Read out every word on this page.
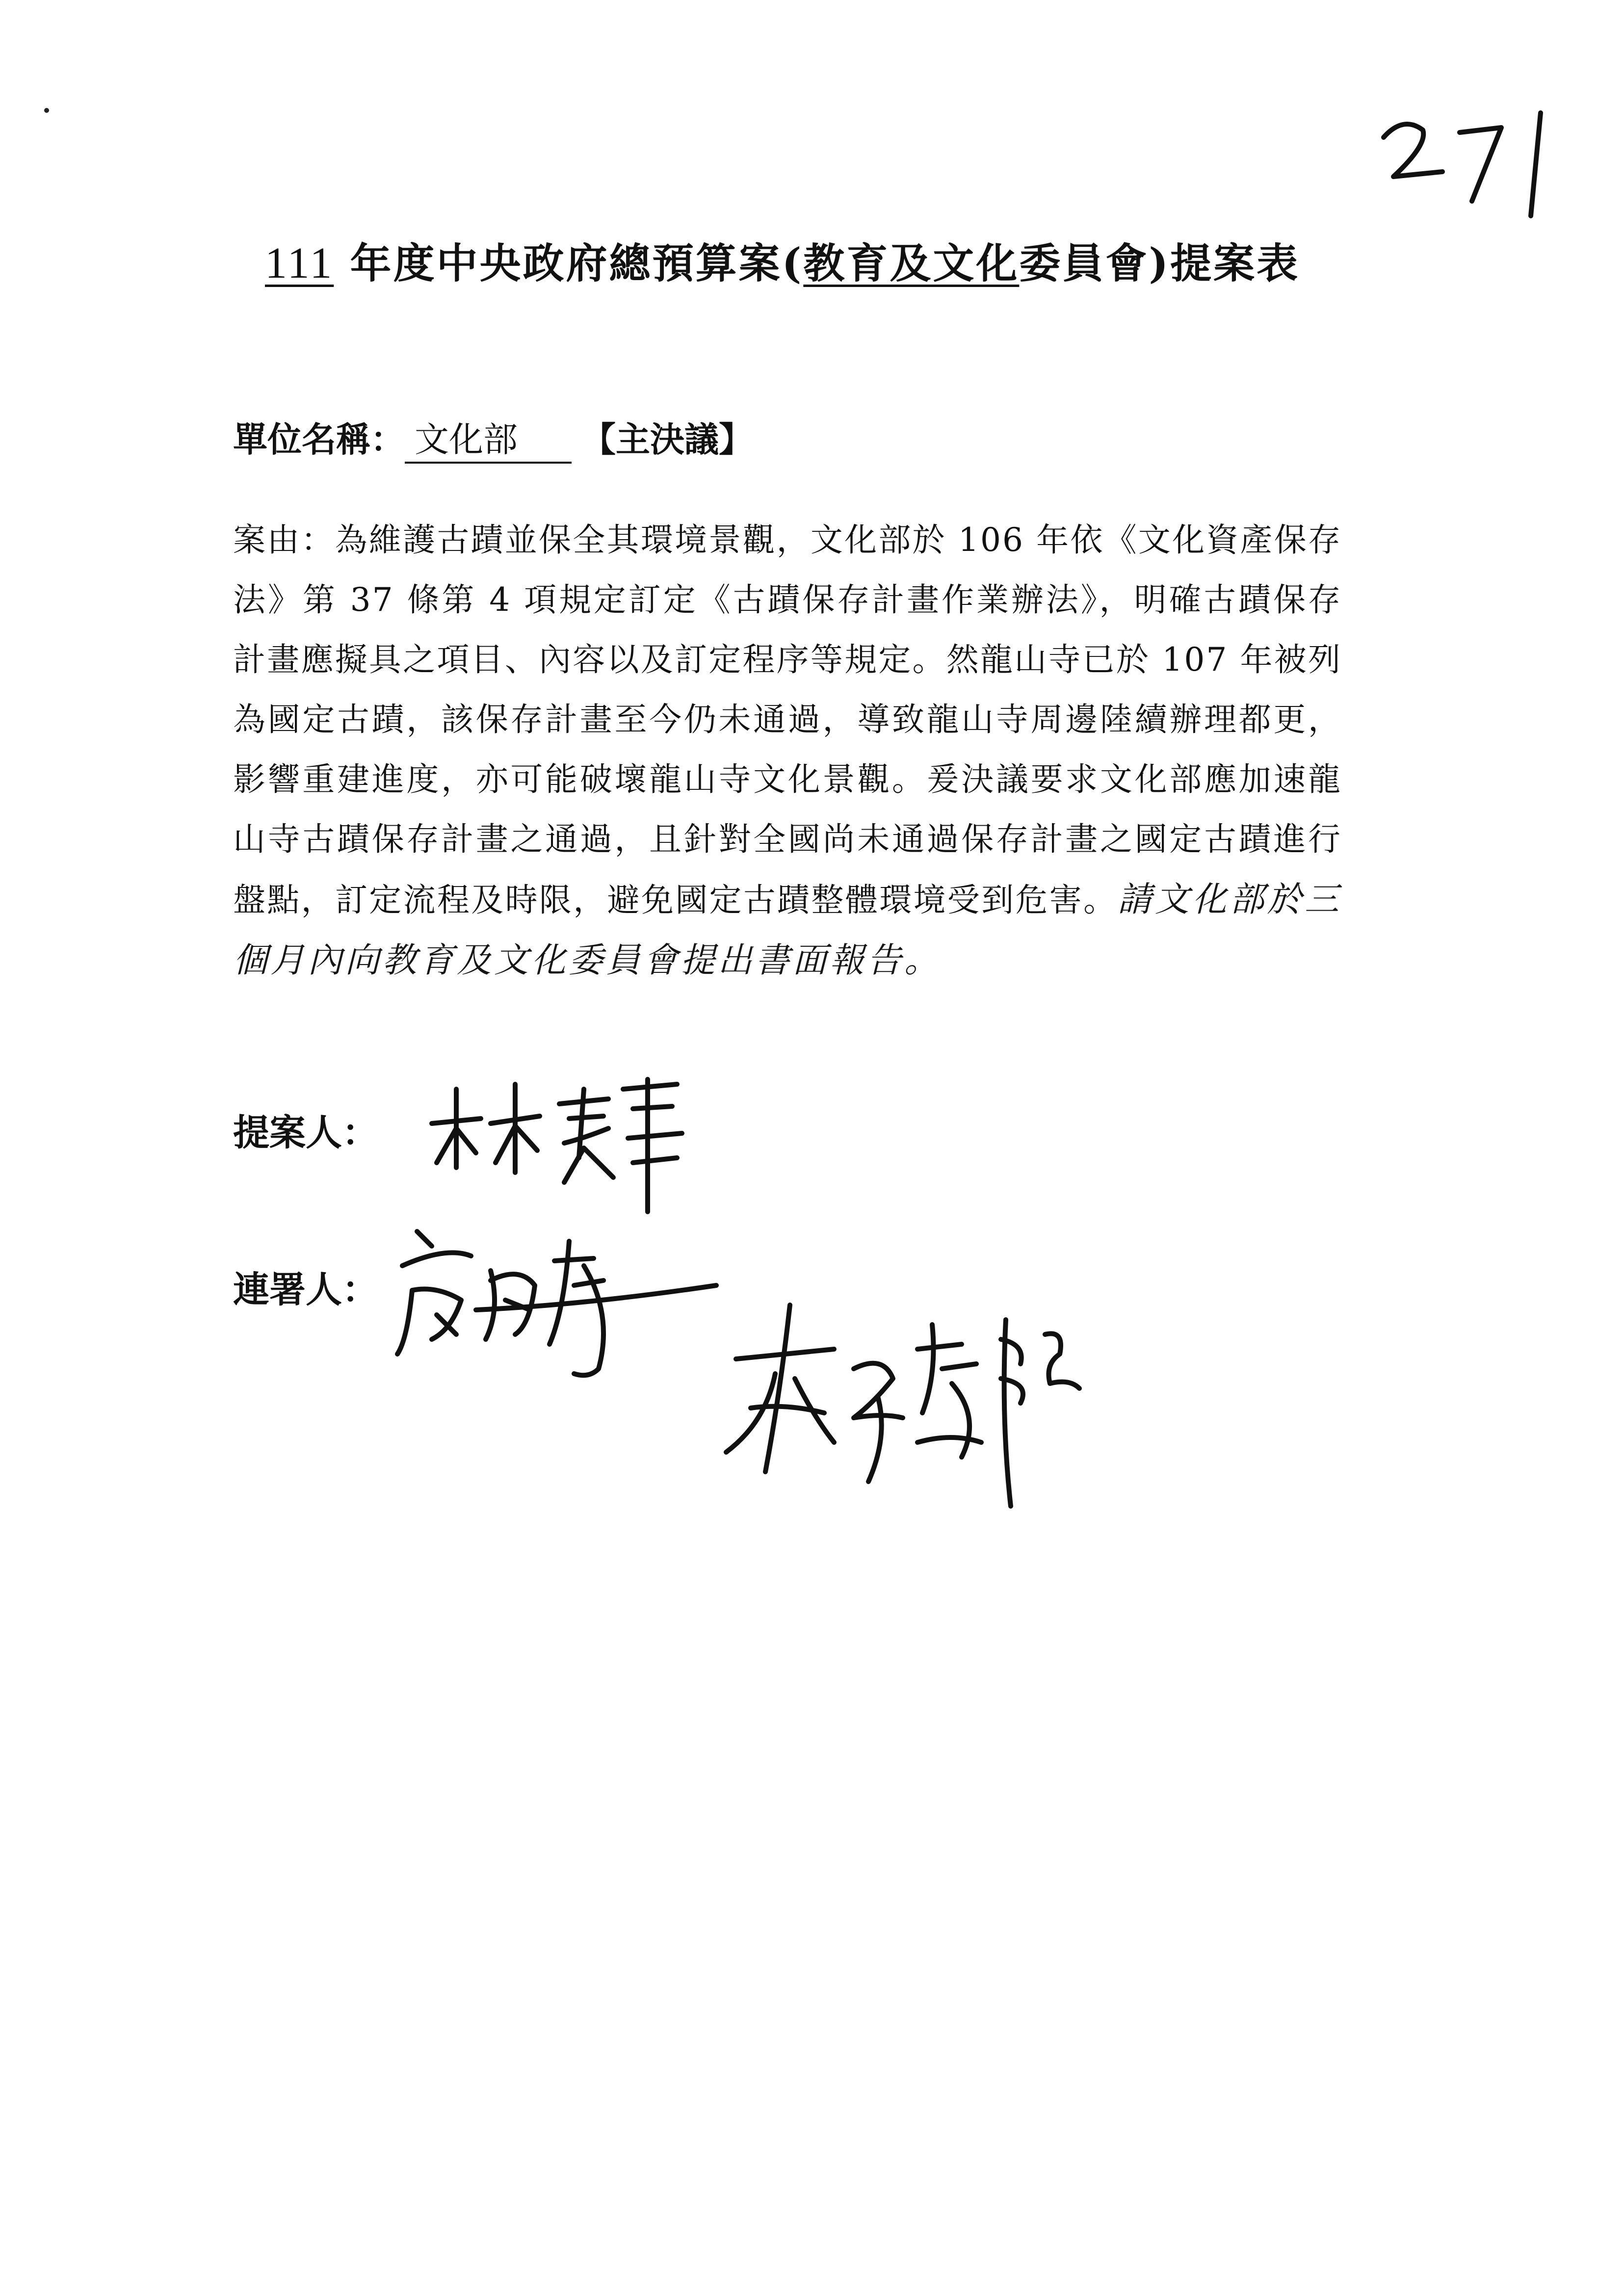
111 年度中央政府總預算案(教育及文化委員會)提案表
單位名稱： 文化部 【主決議】
案由：為維護古蹟並保全其環境景觀，文化部於 106 年依《文化資產保存法》第 37 條第 4 項規定訂定《古蹟保存計畫作業辦法》，明確古蹟保存計畫應擬具之項目、內容以及訂定程序等規定。然龍山寺已於 107 年被列為國定古蹟，該保存計畫至今仍未通過，導致龍山寺周邊陸續辦理都更，影響重建進度，亦可能破壞龍山寺文化景觀。爰決議要求文化部應加速龍山寺古蹟保存計畫之通過，且針對全國尚未通過保存計畫之國定古蹟進行盤點，訂定流程及時限，避免國定古蹟整體環境受到危害。請文化部於三個月內向教育及文化委員會提出書面報告。
提案人：
連署人：
